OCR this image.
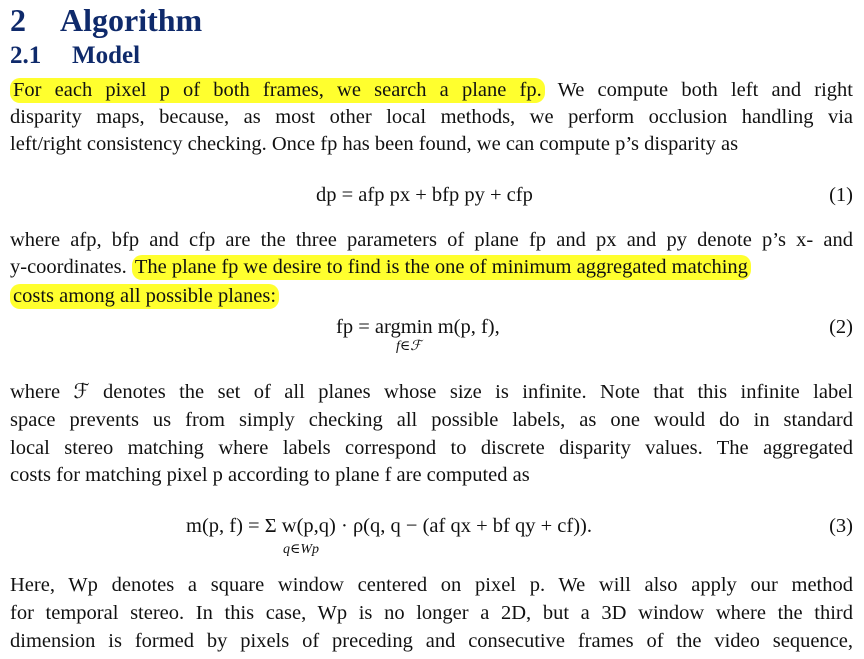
2 Algorithm
2.1 Model
For each pixel p of both frames, we search a plane fp. We compute both left and right
disparity maps, because, as most other local methods, we perform occlusion handling via
left/right consistency checking. Once fp has been found, we can compute p’s disparity as
dp = afp px + bfp py + cfp	(1)
where afp, bfp and cfp are the three parameters of plane fp and px and py denote p’s x- and
y-coordinates. The plane fp we desire to find is the one of minimum aggregated matching
costs among all possible planes:
fp = argmin m(p, f),
f∈ℱ
(2)
where ℱ denotes the set of all planes whose size is infinite. Note that this infinite label
space prevents us from simply checking all possible labels, as one would do in standard
local stereo matching where labels correspond to discrete disparity values. The aggregated
costs for matching pixel p according to plane f are computed as
m(p, f) = Σ w(p,q) · ρ(q, q − (af qx + bf qy + cf)).
q∈Wp
(3)
Here, Wp denotes a square window centered on pixel p. We will also apply our method
for temporal stereo. In this case, Wp is no longer a 2D, but a 3D window where the third
dimension is formed by pixels of preceding and consecutive frames of the video sequence,
